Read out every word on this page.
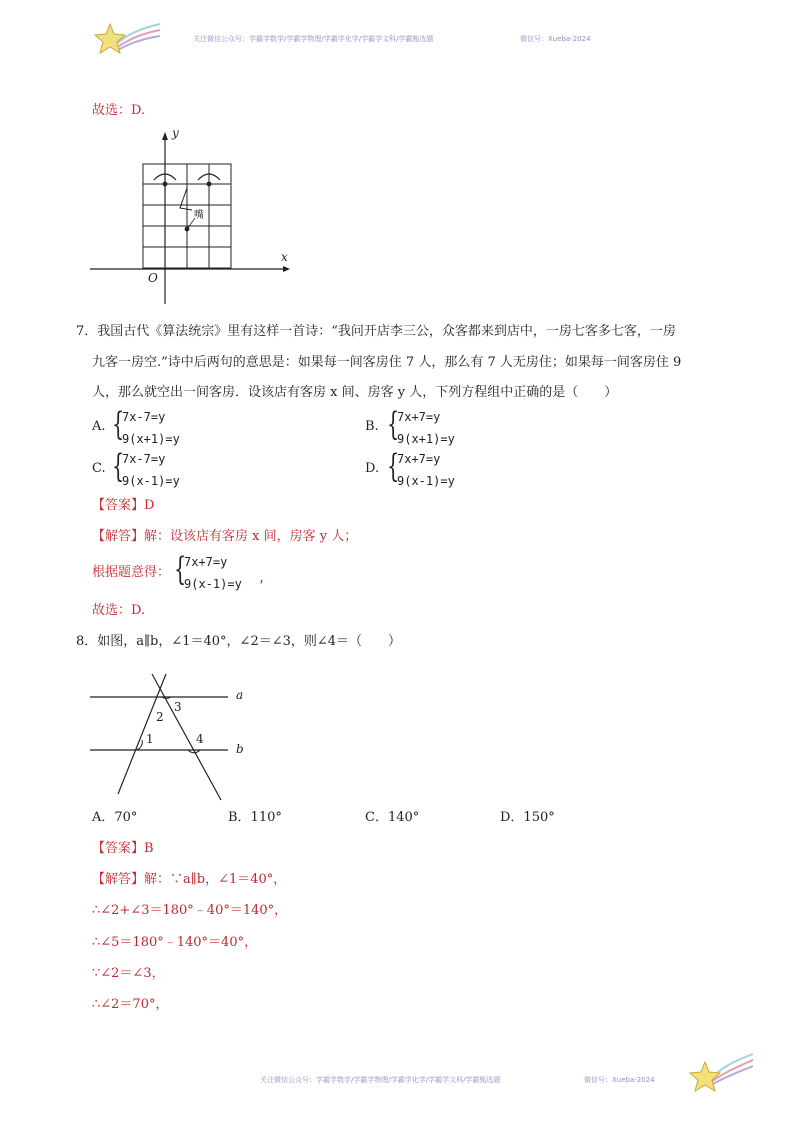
关注微信公众号：学霸学数学/学霸学物理/学霸学化学/学霸学文科/学霸甄选题	微信号：Xueba-2024
故选：D.
y
x
O
嘴
7．我国古代《算法统宗》里有这样一首诗：“我问开店李三公，众客都来到店中，一房七客多七客，一房
九客一房空.”诗中后两句的意思是：如果每一间客房住 7 人，那么有 7 人无房住；如果每一间客房住 9
人，那么就空出一间客房．设该店有客房 x 间、房客 y 人，下列方程组中正确的是（　　）
A. {
7x-7=y
9(x+1)=y
B. {
7x+7=y
9(x+1)=y
C. {
7x-7=y
9(x-1)=y
D. {
7x+7=y
9(x-1)=y
【答案】D
【解答】解：设该店有客房 x 间，房客 y 人；
根据题意得： {
7x+7=y
9(x-1)=y ,
故选：D.
8．如图，a∥b，∠1＝40°，∠2＝∠3，则∠4＝（　　）
a
b
1
2
3
4
A．70°	B．110°	C．140°	D．150°
【答案】B
【解答】解：∵a∥b，∠1＝40°，
∴∠2+∠3＝180°﹣40°＝140°，
∴∠5＝180°﹣140°＝40°，
∵∠2＝∠3，
∴∠2＝70°，
关注微信公众号：学霸学数学/学霸学物理/学霸学化学/学霸学文科/学霸甄选题	微信号：Xueba-2024
